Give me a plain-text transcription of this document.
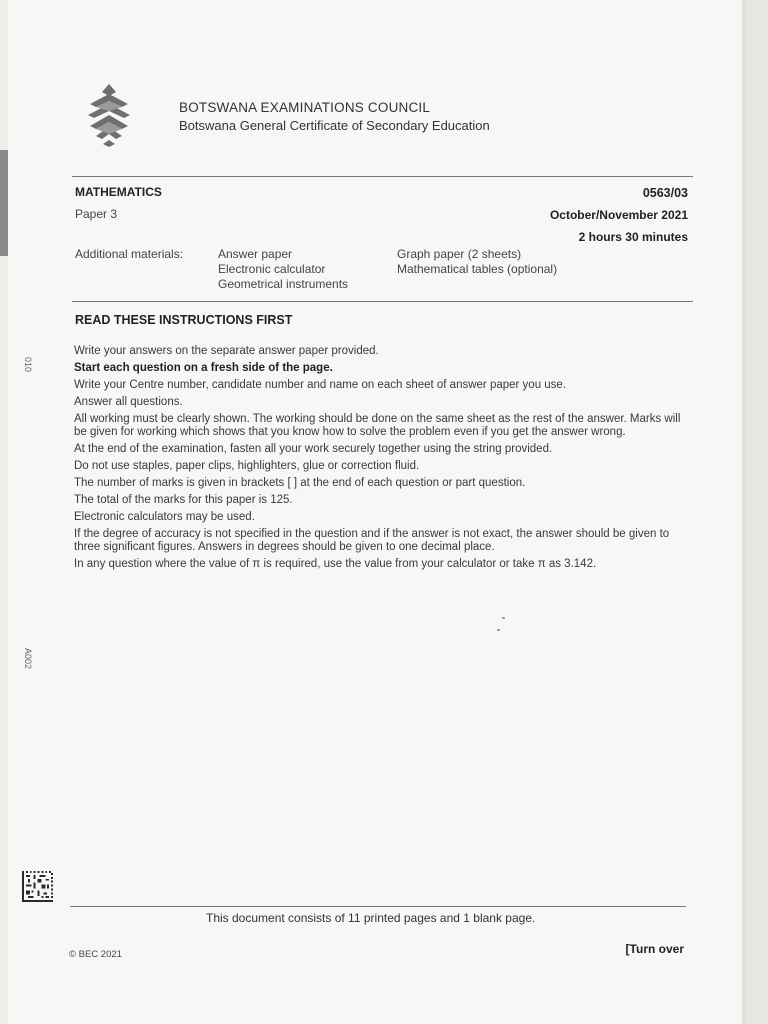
010
A002
BOTSWANA EXAMINATIONS COUNCIL
Botswana General Certificate of Secondary Education
MATHEMATICS
Paper 3
0563/03
October/November 2021
2 hours 30 minutes
Additional materials:	Answer paper
Electronic calculator
Geometrical instruments
Graph paper (2 sheets)
Mathematical tables (optional)
READ THESE INSTRUCTIONS FIRST

Write your answers on the separate answer paper provided.

Start each question on a fresh side of the page.

Write your Centre number, candidate number and name on each sheet of answer paper you use.

Answer all questions.

All working must be clearly shown. The working should be done on the same sheet as the rest of the answer. Marks will be given for working which shows that you know how to solve the problem even if you get the answer wrong.

At the end of the examination, fasten all your work securely together using the string provided.

Do not use staples, paper clips, highlighters, glue or correction fluid.

The number of marks is given in brackets [ ] at the end of each question or part question.

The total of the marks for this paper is 125.

Electronic calculators may be used.

If the degree of accuracy is not specified in the question and if the answer is not exact, the answer should be given to three significant figures. Answers in degrees should be given to one decimal place.

In any question where the value of π is required, use the value from your calculator or take π as 3.142.

This document consists of 11 printed pages and 1 blank page.
© BEC 2021	[Turn over
